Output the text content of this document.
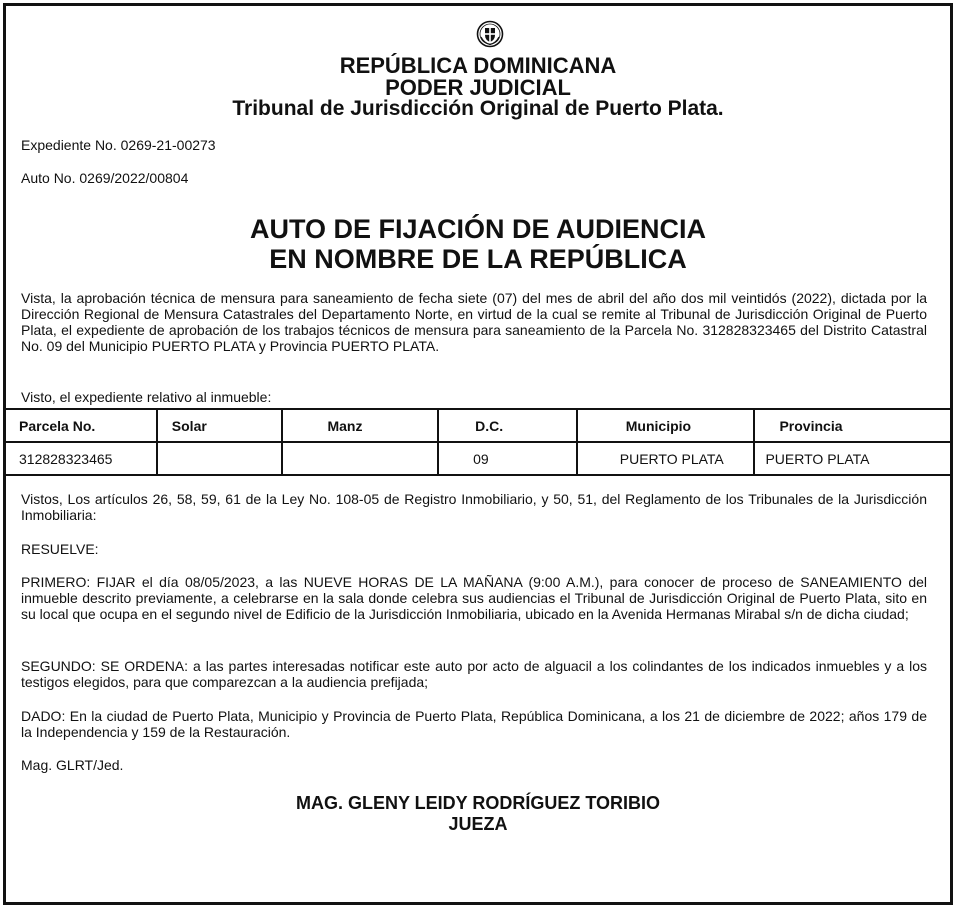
REPÚBLICA DOMINICANA
PODER JUDICIAL
Tribunal de Jurisdicción Original de Puerto Plata.
Expediente No. 0269-21-00273
Auto No. 0269/2022/00804
AUTO DE FIJACIÓN DE AUDIENCIA
EN NOMBRE DE LA REPÚBLICA
Vista, la aprobación técnica de mensura para saneamiento de fecha siete (07) del mes de abril del año dos mil veintidós (2022), dictada por la Dirección Regional de Mensura Catastrales del Departamento Norte, en virtud de la cual se remite al Tribunal de Jurisdicción Original de Puerto Plata, el expediente de aprobación de los trabajos técnicos de mensura para saneamiento de la Parcela No. 312828323465 del Distrito Catastral No. 09 del Municipio PUERTO PLATA y Provincia PUERTO PLATA.
Visto, el expediente relativo al inmueble:
Parcela No.	Solar	Manz	D.C.	Municipio	Provincia
312828323465			09	PUERTO PLATA	PUERTO PLATA
Vistos, Los artículos 26, 58, 59, 61 de la Ley No. 108-05 de Registro Inmobiliario, y 50, 51, del Reglamento de los Tribunales de la Jurisdicción Inmobiliaria:
RESUELVE:
PRIMERO: FIJAR el día 08/05/2023, a las NUEVE HORAS DE LA MAÑANA (9:00 A.M.), para conocer de proceso de SANEAMIENTO del inmueble descrito previamente, a celebrarse en la sala donde celebra sus audiencias el Tribunal de Jurisdicción Original de Puerto Plata, sito en su local que ocupa en el segundo nivel de Edificio de la Jurisdicción Inmobiliaria, ubicado en la Avenida Hermanas Mirabal s/n de dicha ciudad;
SEGUNDO: SE ORDENA: a las partes interesadas notificar este auto por acto de alguacil a los colindantes de los indicados inmuebles y a los testigos elegidos, para que comparezcan a la audiencia prefijada;
DADO: En la ciudad de Puerto Plata, Municipio y Provincia de Puerto Plata, República Dominicana, a los 21 de diciembre de 2022; años 179 de la Independencia y 159 de la Restauración.
Mag. GLRT/Jed.
MAG. GLENY LEIDY RODRÍGUEZ TORIBIO
JUEZA
